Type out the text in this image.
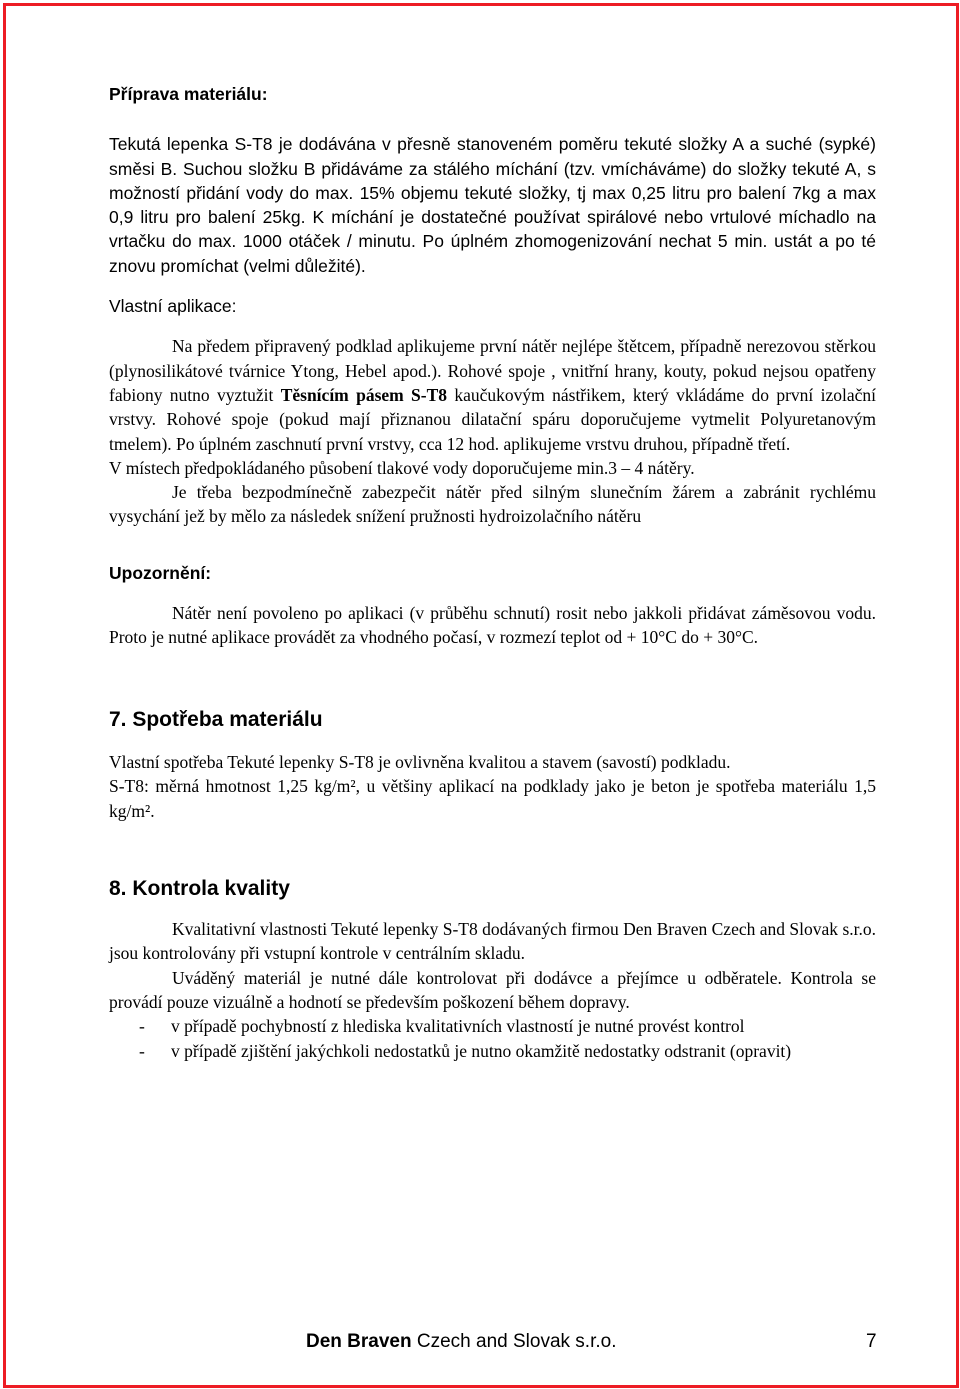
Příprava materiálu:

Tekutá lepenka S-T8 je dodávána v přesně stanoveném poměru tekuté složky A a suché (sypké) směsi B. Suchou složku B přidáváme za stálého míchání (tzv. vmícháváme) do složky tekuté A, s možností přidání vody do max. 15% objemu tekuté složky, tj max 0,25 litru pro balení 7kg a max 0,9 litru pro balení 25kg. K míchání je dostatečné používat spirálové nebo vrtulové míchadlo na vrtačku do max. 1000 otáček / minutu. Po úplném zhomogenizování nechat 5 min. ustát a po té znovu promíchat (velmi důležité).

Vlastní aplikace:

Na předem připravený podklad aplikujeme první nátěr nejlépe štětcem, případně nerezovou stěrkou (plynosilikátové tvárnice Ytong, Hebel apod.). Rohové spoje , vnitřní hrany, kouty, pokud nejsou opatřeny fabiony nutno vyztužit Těsnícím pásem S-T8 kaučukovým nástřikem, který vkládáme do první izolační vrstvy. Rohové spoje (pokud mají přiznanou dilatační spáru doporučujeme vytmelit Polyuretanovým tmelem). Po úplném zaschnutí první vrstvy, cca 12 hod. aplikujeme vrstvu druhou, případně třetí.

V místech předpokládaného působení tlakové vody doporučujeme min.3 – 4 nátěry.

Je třeba bezpodmínečně zabezpečit nátěr před silným slunečním žárem a zabránit rychlému vysychání jež by mělo za následek snížení pružnosti hydroizolačního nátěru

Upozornění:

Nátěr není povoleno po aplikaci (v průběhu schnutí) rosit nebo jakkoli přidávat záměsovou vodu. Proto je nutné aplikace provádět za vhodného počasí, v rozmezí teplot od + 10°C do + 30°C.

7. Spotřeba materiálu

Vlastní spotřeba Tekuté lepenky S-T8 je ovlivněna kvalitou a stavem (savostí) podkladu.

S-T8: měrná hmotnost 1,25 kg/m², u většiny aplikací na podklady jako je beton je spotřeba materiálu 1,5 kg/m².

8. Kontrola kvality

Kvalitativní vlastnosti Tekuté lepenky S-T8 dodávaných firmou Den Braven Czech and Slovak s.r.o. jsou kontrolovány při vstupní kontrole v centrálním skladu.

Uváděný materiál je nutné dále kontrolovat při dodávce a přejímce u odběratele. Kontrola se provádí pouze vizuálně a hodnotí se především poškození během dopravy.

- v případě pochybností z hlediska kvalitativních vlastností je nutné provést kontrol
- v případě zjištění jakýchkoli nedostatků je nutno okamžitě nedostatky odstranit (opravit)
Den Braven Czech and Slovak s.r.o.	7
